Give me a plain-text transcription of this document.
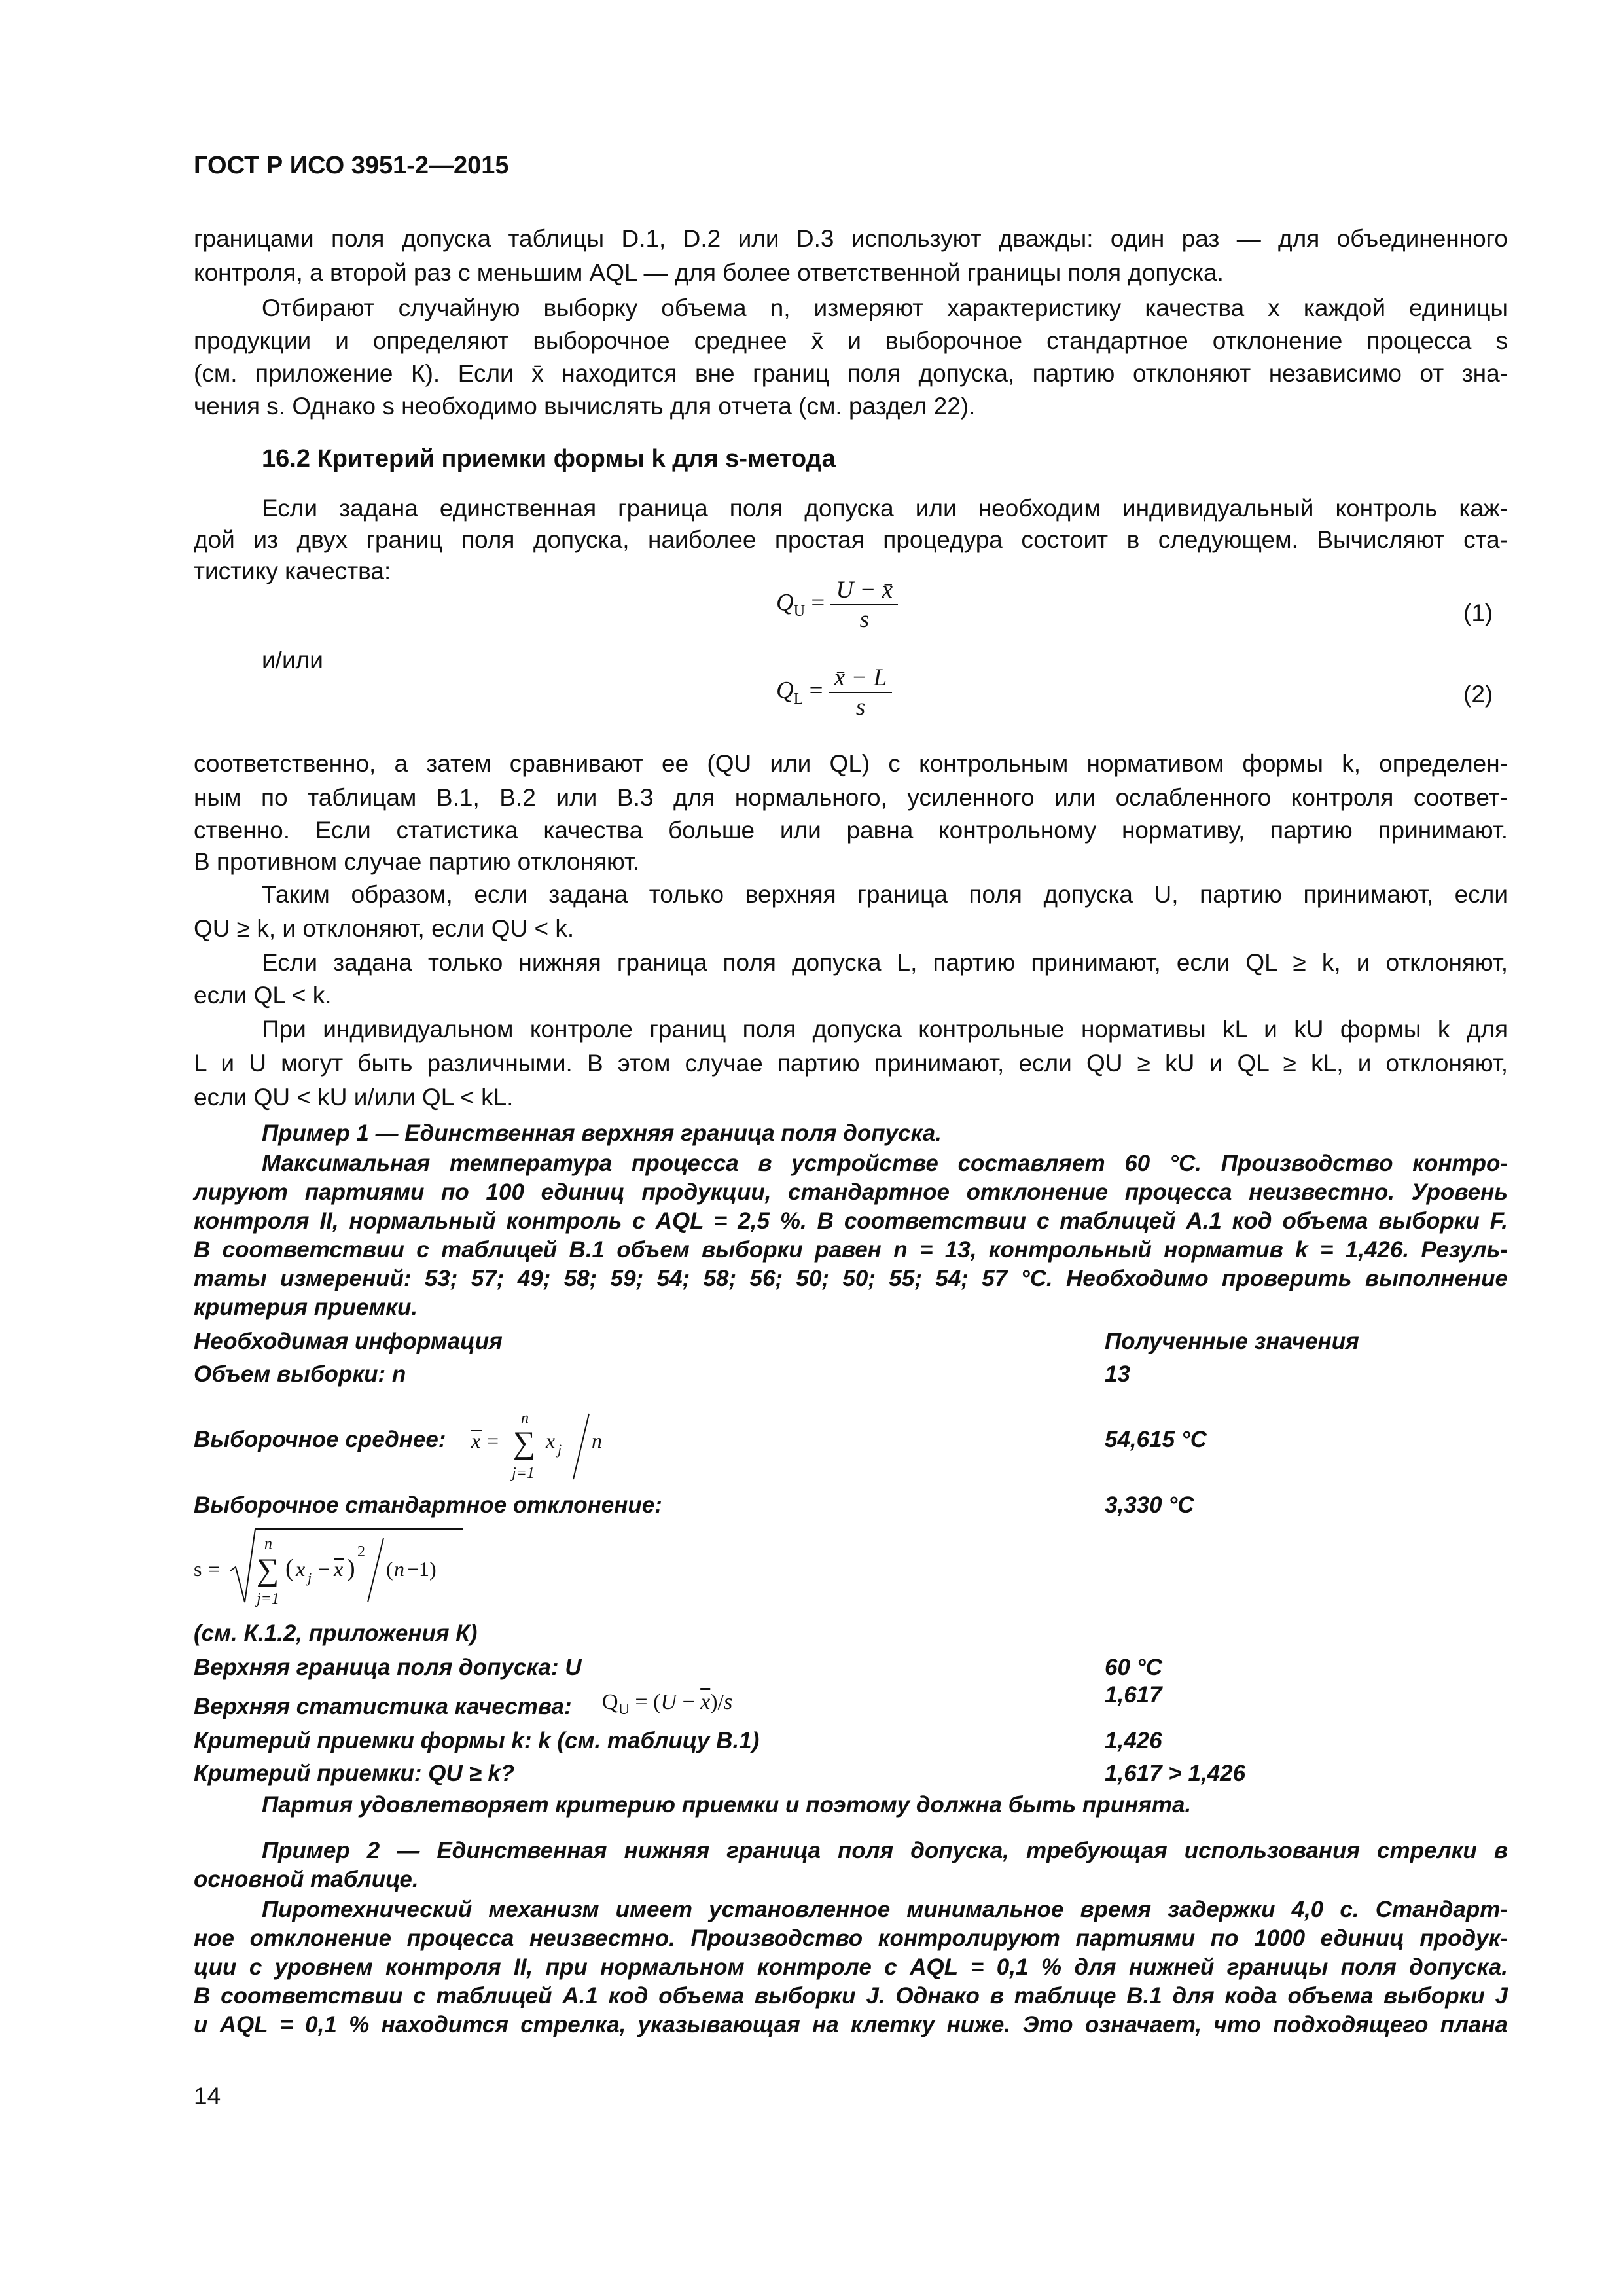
ГОСТ Р ИСО 3951-2—2015
границами поля допуска таблицы D.1, D.2 или D.3 используют дважды: один раз — для объединенного
контроля, а второй раз с меньшим AQL — для более ответственной границы поля допуска.
Отбирают случайную выборку объема n, измеряют характеристику качества x каждой единицы
продукции и определяют выборочное среднее x̄ и выборочное стандартное отклонение процесса s
(см. приложение К). Если x̄ находится вне границ поля допуска, партию отклоняют независимо от зна-
чения s. Однако s необходимо вычислять для отчета (см. раздел 22).
16.2 Критерий приемки формы k для s-метода
Если задана единственная граница поля допуска или необходим индивидуальный контроль каж-
дой из двух границ поля допуска, наиболее простая процедура состоит в следующем. Вычисляют ста-
тистику качества:
$Q_U = \frac{U - x̄}{s}$	(1)
и/или
$Q_L = \frac{x̄ - L}{s}$	(2)
соответственно, а затем сравнивают ее (QU или QL) с контрольным нормативом формы k, определен-
ным по таблицам B.1, B.2 или B.3 для нормального, усиленного или ослабленного контроля соответ-
ственно. Если статистика качества больше или равна контрольному нормативу, партию принимают.
В противном случае партию отклоняют.
Таким образом, если задана только верхняя граница поля допуска U, партию принимают, если
QU ≥ k, и отклоняют, если QU < k.
Если задана только нижняя граница поля допуска L, партию принимают, если QL ≥ k, и отклоняют,
если QL < k.
При индивидуальном контроле границ поля допуска контрольные нормативы kL и kU формы k для
L и U могут быть различными. В этом случае партию принимают, если QU ≥ kU и QL ≥ kL, и отклоняют,
если QU < kU и/или QL < kL.
Пример 1 — Единственная верхняя граница поля допуска.
Максимальная температура процесса в устройстве составляет 60 °С. Производство контро-
лируют партиями по 100 единиц продукции, стандартное отклонение процесса неизвестно. Уровень
контроля II, нормальный контроль с AQL = 2,5 %. В соответствии с таблицей А.1 код объема выборки F.
В соответствии с таблицей В.1 объем выборки равен n = 13, контрольный норматив k = 1,426. Резуль-
таты измерений: 53; 57; 49; 58; 59; 54; 58; 56; 50; 50; 55; 54; 57 °С. Необходимо проверить выполнение
критерия приемки.
Необходимая информация	Полученные значения
Объем выборки: n	13
Выборочное среднее: x =
n
∑
j=1
x j n	54,615 °С
Выборочное стандартное отклонение:	3,330 °С
s =
n
∑
j=1
( x j − x )
2
( n −1)
(см. К.1.2, приложения К)
Верхняя граница поля допуска: U	60 °С
Верхняя статистика качества: $Q_U = (U - \overline{x})/s$	1,617
Критерий приемки формы k: k (см. таблицу В.1)	1,426
Критерий приемки: QU ≥ k?	1,617 > 1,426
Партия удовлетворяет критерию приемки и поэтому должна быть принята.
Пример 2 — Единственная нижняя граница поля допуска, требующая использования стрелки в
основной таблице.
Пиротехнический механизм имеет установленное минимальное время задержки 4,0 с. Стандарт-
ное отклонение процесса неизвестно. Производство контролируют партиями по 1000 единиц продук-
ции с уровнем контроля II, при нормальном контроле с AQL = 0,1 % для нижней границы поля допуска.
В соответствии с таблицей А.1 код объема выборки J. Однако в таблице В.1 для кода объема выборки J
и AQL = 0,1 % находится стрелка, указывающая на клетку ниже. Это означает, что подходящего плана
14
